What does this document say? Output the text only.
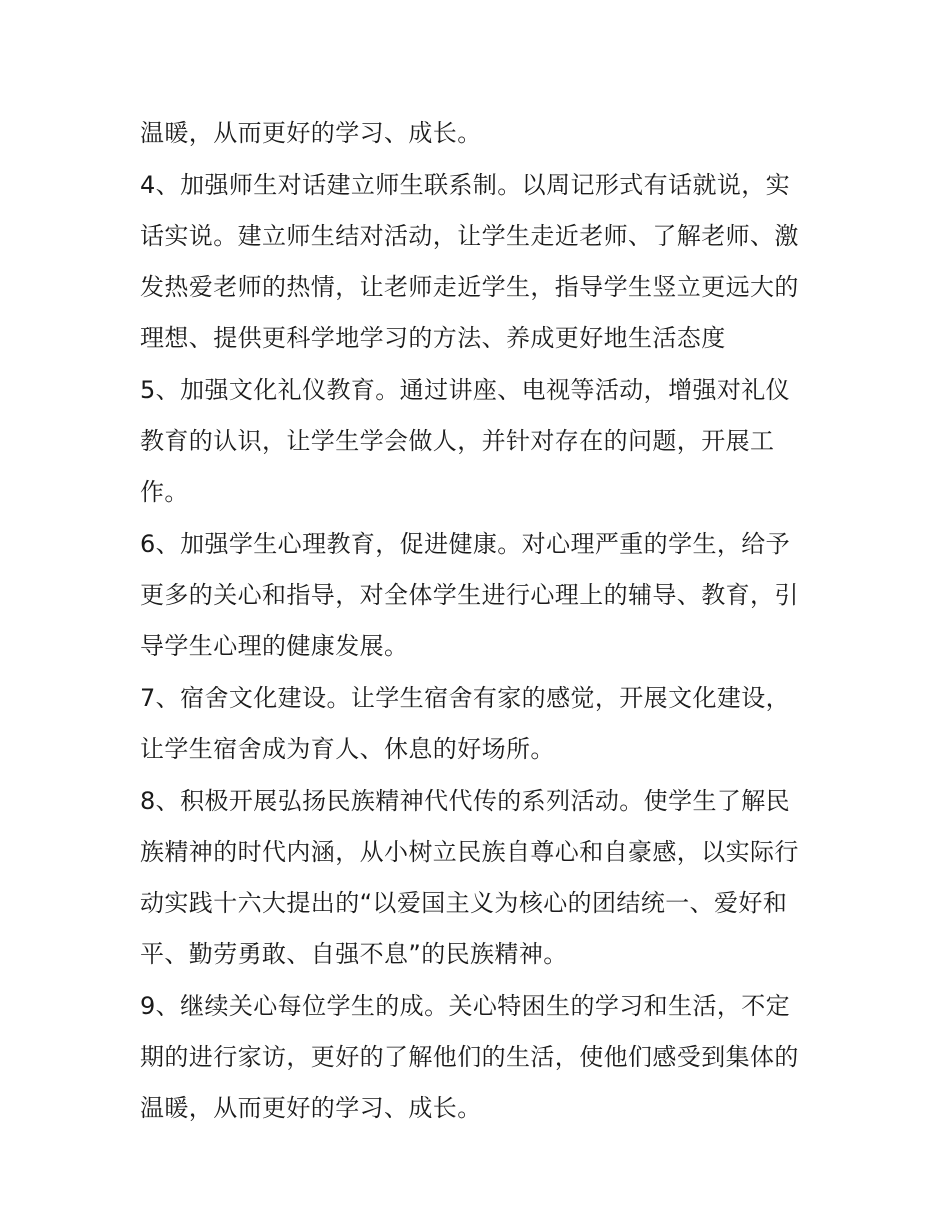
温暖，从而更好的学习、成长。

4、加强师生对话建立师生联系制。以周记形式有话就说，实
话实说。建立师生结对活动，让学生走近老师、了解老师、激
发热爱老师的热情，让老师走近学生，指导学生竖立更远大的
理想、提供更科学地学习的方法、养成更好地生活态度

5、加强文化礼仪教育。通过讲座、电视等活动，增强对礼仪
教育的认识，让学生学会做人，并针对存在的问题，开展工
作。

6、加强学生心理教育，促进健康。对心理严重的学生，给予
更多的关心和指导，对全体学生进行心理上的辅导、教育，引
导学生心理的健康发展。

7、宿舍文化建设。让学生宿舍有家的感觉，开展文化建设，
让学生宿舍成为育人、休息的好场所。

8、积极开展弘扬民族精神代代传的系列活动。使学生了解民
族精神的时代内涵，从小树立民族自尊心和自豪感，以实际行
动实践十六大提出的“以爱国主义为核心的团结统一、爱好和
平、勤劳勇敢、自强不息”的民族精神。

9、继续关心每位学生的成。关心特困生的学习和生活，不定
期的进行家访，更好的了解他们的生活，使他们感受到集体的
温暖，从而更好的学习、成长。
